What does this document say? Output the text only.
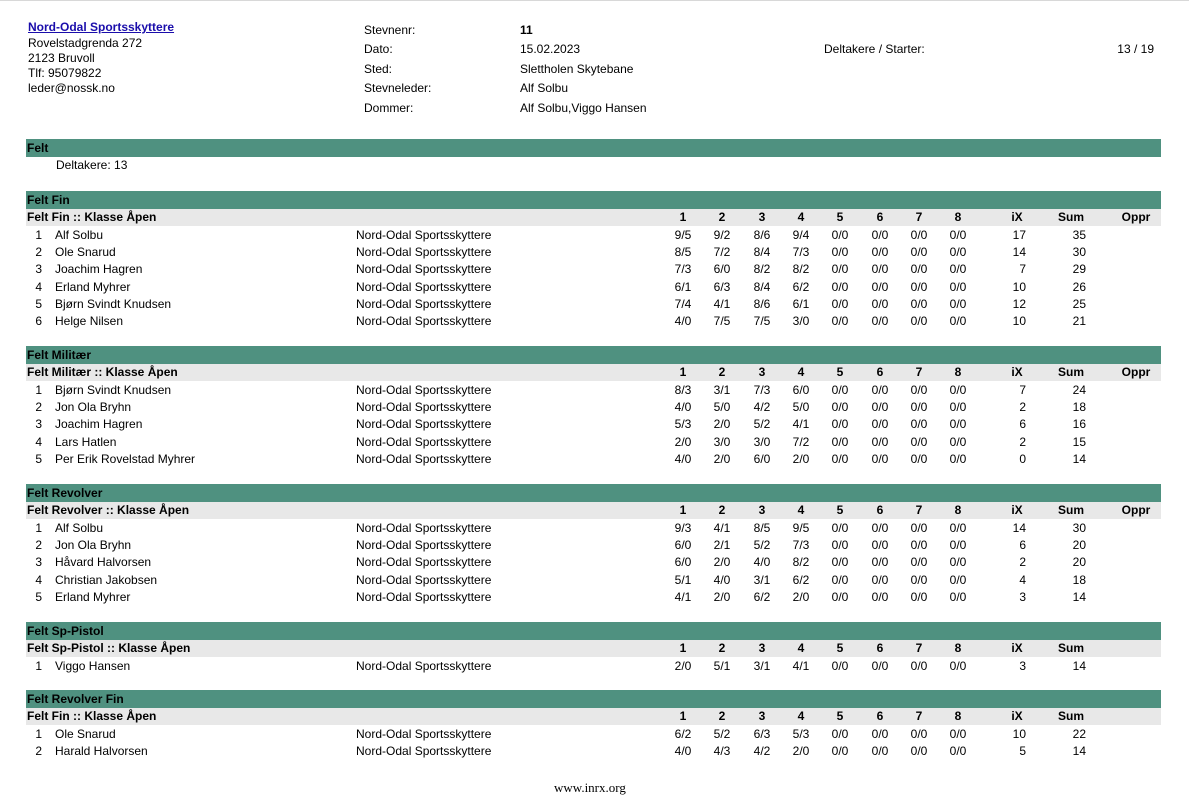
Nord-Odal Sportsskyttere
Rovelstadgrenda 272
2123 Bruvoll
Tlf: 95079822
leder@nossk.no
Stevnenr:	11
Dato:	15.02.2023
Sted:	Slettholen Skytebane
Stevneleder:	Alf Solbu
Dommer:	Alf Solbu,Viggo Hansen
Deltakere / Starter:	13 / 19
Felt
Deltakere: 13
Felt Fin
Felt Fin :: Klasse Åpen	1	2	3	4	5	6	7	8	iX	Sum	Oppr
1 Alf Solbu	Nord-Odal Sportsskyttere	9/5	9/2	8/6	9/4	0/0	0/0	0/0	0/0	17	35
2 Ole Snarud	Nord-Odal Sportsskyttere	8/5	7/2	8/4	7/3	0/0	0/0	0/0	0/0	14	30
3 Joachim Hagren	Nord-Odal Sportsskyttere	7/3	6/0	8/2	8/2	0/0	0/0	0/0	0/0	7	29
4 Erland Myhrer	Nord-Odal Sportsskyttere	6/1	6/3	8/4	6/2	0/0	0/0	0/0	0/0	10	26
5 Bjørn Svindt Knudsen	Nord-Odal Sportsskyttere	7/4	4/1	8/6	6/1	0/0	0/0	0/0	0/0	12	25
6 Helge Nilsen	Nord-Odal Sportsskyttere	4/0	7/5	7/5	3/0	0/0	0/0	0/0	0/0	10	21
Felt Militær
Felt Militær :: Klasse Åpen	1	2	3	4	5	6	7	8	iX	Sum	Oppr
1 Bjørn Svindt Knudsen	Nord-Odal Sportsskyttere	8/3	3/1	7/3	6/0	0/0	0/0	0/0	0/0	7	24
2 Jon Ola Bryhn	Nord-Odal Sportsskyttere	4/0	5/0	4/2	5/0	0/0	0/0	0/0	0/0	2	18
3 Joachim Hagren	Nord-Odal Sportsskyttere	5/3	2/0	5/2	4/1	0/0	0/0	0/0	0/0	6	16
4 Lars Hatlen	Nord-Odal Sportsskyttere	2/0	3/0	3/0	7/2	0/0	0/0	0/0	0/0	2	15
5 Per Erik Rovelstad Myhrer	Nord-Odal Sportsskyttere	4/0	2/0	6/0	2/0	0/0	0/0	0/0	0/0	0	14
Felt Revolver
Felt Revolver :: Klasse Åpen	1	2	3	4	5	6	7	8	iX	Sum	Oppr
1 Alf Solbu	Nord-Odal Sportsskyttere	9/3	4/1	8/5	9/5	0/0	0/0	0/0	0/0	14	30
2 Jon Ola Bryhn	Nord-Odal Sportsskyttere	6/0	2/1	5/2	7/3	0/0	0/0	0/0	0/0	6	20
3 Håvard Halvorsen	Nord-Odal Sportsskyttere	6/0	2/0	4/0	8/2	0/0	0/0	0/0	0/0	2	20
4 Christian Jakobsen	Nord-Odal Sportsskyttere	5/1	4/0	3/1	6/2	0/0	0/0	0/0	0/0	4	18
5 Erland Myhrer	Nord-Odal Sportsskyttere	4/1	2/0	6/2	2/0	0/0	0/0	0/0	0/0	3	14
Felt Sp-Pistol
Felt Sp-Pistol :: Klasse Åpen	1	2	3	4	5	6	7	8	iX	Sum
1 Viggo Hansen	Nord-Odal Sportsskyttere	2/0	5/1	3/1	4/1	0/0	0/0	0/0	0/0	3	14
Felt Revolver Fin
Felt Fin :: Klasse Åpen	1	2	3	4	5	6	7	8	iX	Sum
1 Ole Snarud	Nord-Odal Sportsskyttere	6/2	5/2	6/3	5/3	0/0	0/0	0/0	0/0	10	22
2 Harald Halvorsen	Nord-Odal Sportsskyttere	4/0	4/3	4/2	2/0	0/0	0/0	0/0	0/0	5	14
www.inrx.org
